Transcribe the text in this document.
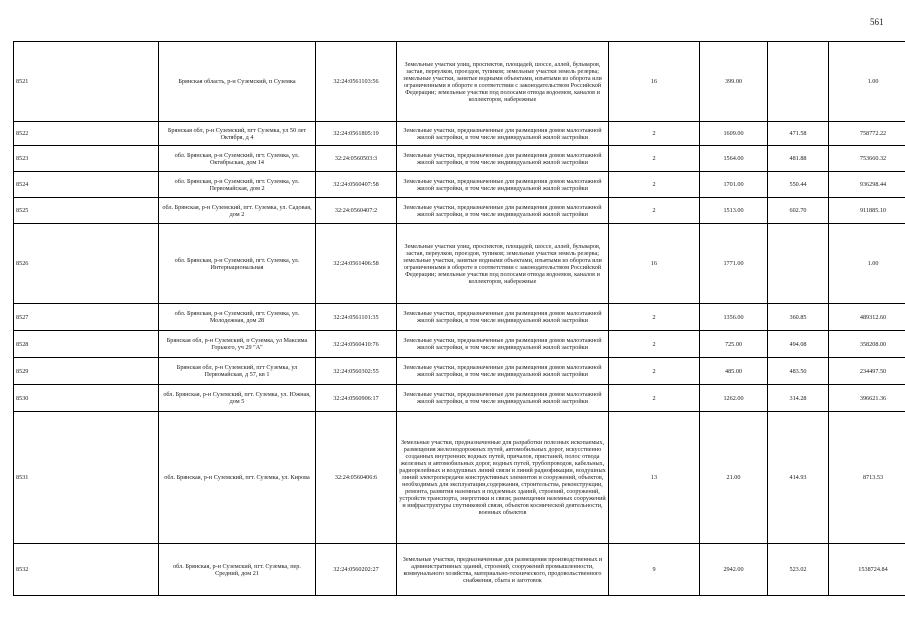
561
8521	Брянская область, р-н Суземский, п Суземка	32:24:0561103:56	Земельные участки улиц, проспектов, площадей, шоссе, аллей, бульваров, застав, переулков, проездов, тупиков; земельные участки земель резерва; земельные участки, занятые водными объектами, изъятыми из оборота или ограниченными в обороте в соответствии с законодательством Российской Федерации; земельные участки под полосами отвода водоемов, каналов и коллекторов, набережные	16	399.00		1.00
8522	Брянская обл, р-н Суземский, пгт Суземка, ул 50 лет Октября, д 4	32:24:0561805:19	Земельные участки, предназначенные для размещения домов малоэтажной жилой застройки, в том числе индивидуальной жилой застройки	2	1609.00	471.58	758772.22
8523	обл. Брянская, р-н Суземский, пгт. Суземка, ул. Октябрьская, дом 14	32:24:0560503:3	Земельные участки, предназначенные для размещения домов малоэтажной жилой застройки, в том числе индивидуальной жилой застройки	2	1564.00	481.88	753660.32
8524	обл. Брянская, р-н Суземский, пгт. Суземка, ул. Первомайская, дом 2	32:24:0560407:58	Земельные участки, предназначенные для размещения домов малоэтажной жилой застройки, в том числе индивидуальной жилой застройки	2	1701.00	550.44	936298.44
8525	обл. Брянская, р-н Суземский, пгт. Суземка, ул. Садовая, дом 2	32:24:0560407:2	Земельные участки, предназначенные для размещения домов малоэтажной жилой застройки, в том числе индивидуальной жилой застройки	2	1513.00	602.70	911885.10
8526	обл. Брянская, р-н Суземский, пгт. Суземка, ул. Интернациональная	32:24:0561406:58	Земельные участки улиц, проспектов, площадей, шоссе, аллей, бульваров, застав, переулков, проездов, тупиков; земельные участки земель резерва; земельные участки, занятые водными объектами, изъятыми из оборота или ограниченными в обороте в соответствии с законодательством Российской Федерации; земельные участки под полосами отвода водоемов, каналов и коллекторов, набережные	16	1771.00		1.00
8527	обл. Брянская, р-н Суземский, пгт. Суземка, ул. Молодежная, дом 28	32:24:0561101:35	Земельные участки, предназначенные для размещения домов малоэтажной жилой застройки, в том числе индивидуальной жилой застройки	2	1356.00	360.85	489312.60
8528	Брянская обл, р-н Суземский, п Суземка, ул Максима Горького, уч 29 "А"	32:24:0560410:76	Земельные участки, предназначенные для размещения домов малоэтажной жилой застройки, в том числе индивидуальной жилой застройки	2	725.00	494.08	358208.00
8529	Брянская обл, р-н Суземский, пгт Суземка, ул Первомайская, д 57, кв 1	32:24:0560302:55	Земельные участки, предназначенные для размещения домов малоэтажной жилой застройки, в том числе индивидуальной жилой застройки	2	485.00	483.50	234497.50
8530	обл. Брянская, р-н Суземский, пгт. Суземка, ул. Южная, дом 5	32:24:0560906:17	Земельные участки, предназначенные для размещения домов малоэтажной жилой застройки, в том числе индивидуальной жилой застройки	2	1262.00	314.28	396621.36
8531	обл. Брянская, р-н Суземский, пгт. Суземка, ул. Кирова	32:24:0560406:6	Земельные участки, предназначенные для разработки полезных ископаемых, размещения железнодорожных путей, автомобильных дорог, искусственно созданных внутренних водных путей, причалов, пристаней, полос отвода железных и автомобильных дорог, водных путей, трубопроводов, кабельных, радиорелейных и воздушных линий связи и линий радиофикации, воздушных линий электропередачи конструктивных элементов и сооружений, объектов, необходимых для эксплуатации,содержания, строительства, реконструкции, ремонта, развития наземных и подземных зданий, строений, сооружений, устройств транспорта, энергетики и связи; размещения наземных сооружений и инфраструктуры спутниковой связи, объектов космической деятельности, военных объектов	13	21.00	414.93	8713.53
8532	обл. Брянская, р-н Суземский, пгт. Суземка, пер. Средний, дом 21	32:24:0560202:27	Земельные участки, предназначенные для размещения производственных и административных зданий, строений, сооружений промышленности, коммунального хозяйства, материально-технического, продовольственного снабжения, сбыта и заготовок	9	2942.00	523.02	1538724.84
